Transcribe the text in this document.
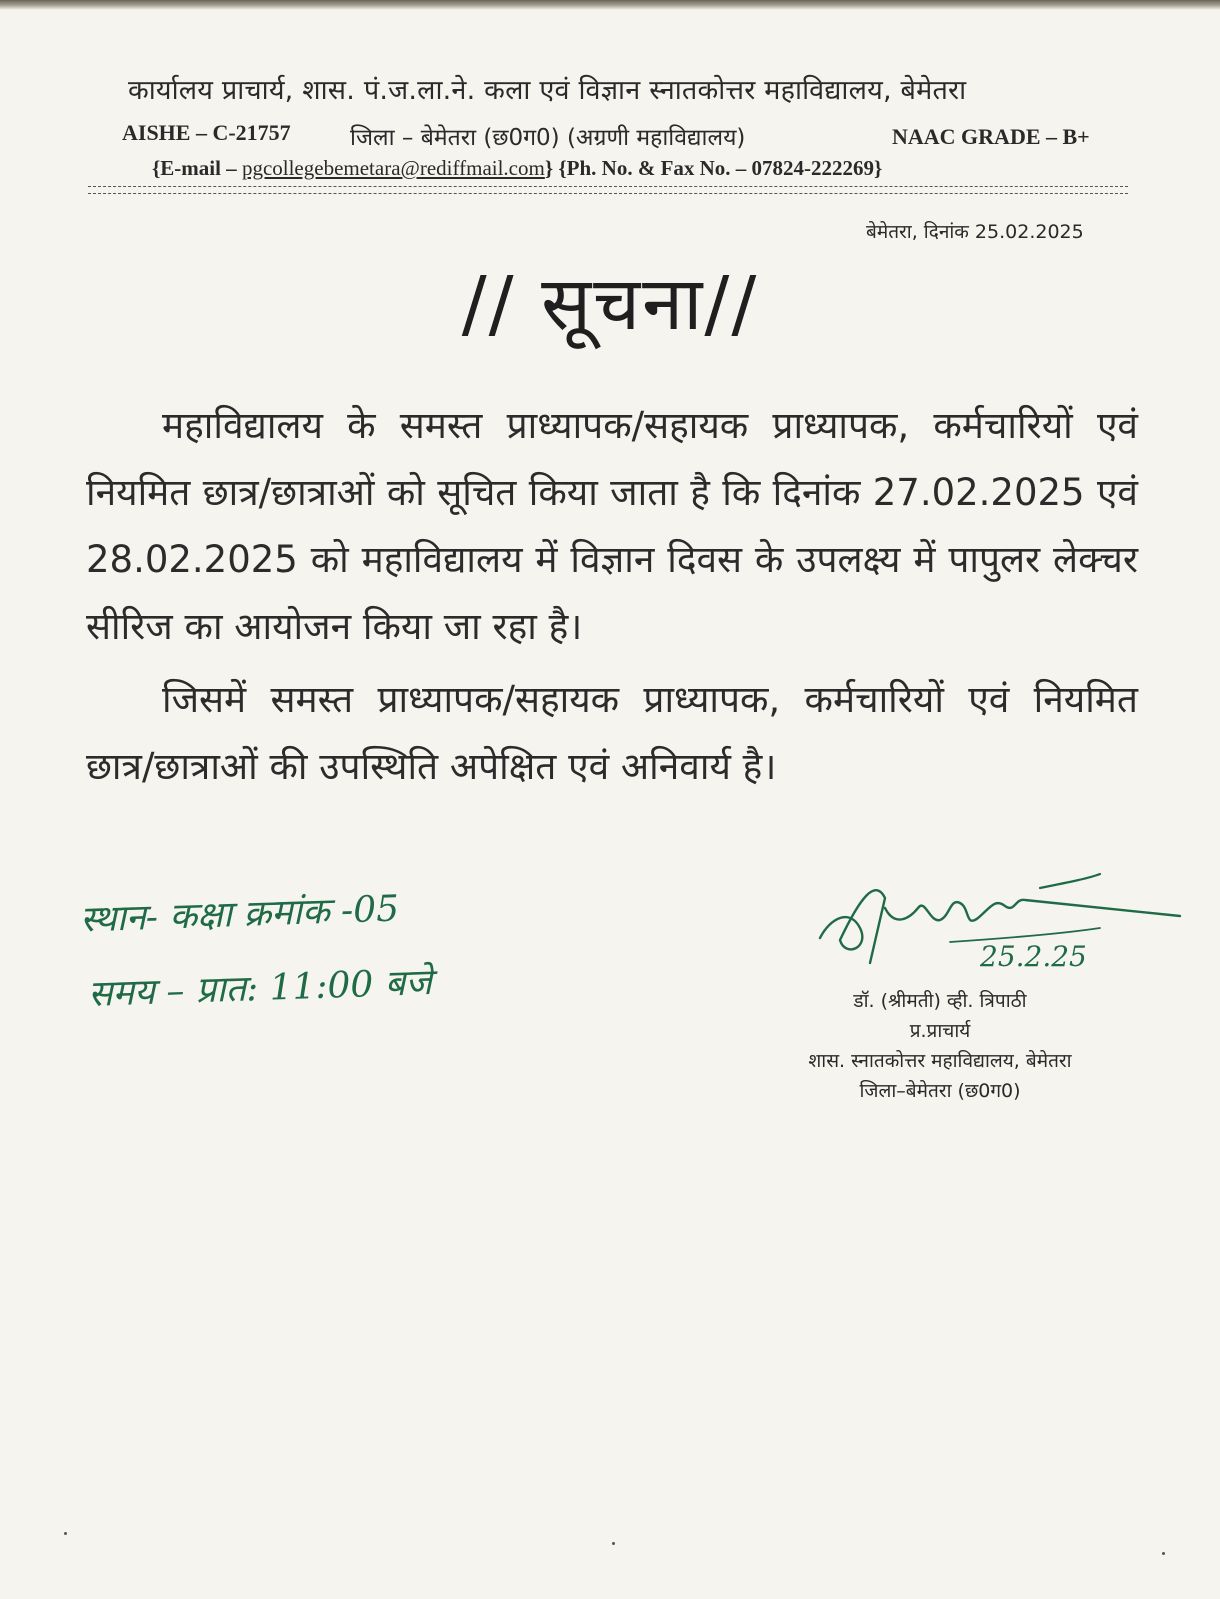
कार्यालय प्राचार्य, शास. पं.ज.ला.ने. कला एवं विज्ञान स्नातकोत्तर महाविद्यालय, बेमेतरा
AISHE – C-21757	जिला – बेमेतरा (छ0ग0) (अग्रणी महाविद्यालय)	NAAC GRADE – B+
{E-mail – pgcollegebemetara@rediffmail.com} {Ph. No. & Fax No. – 07824-222269}
बेमेतरा, दिनांक 25.02.2025
// सूचना//

महाविद्यालय के समस्त प्राध्यापक/सहायक प्राध्यापक, कर्मचारियों एवं नियमित छात्र/छात्राओं को सूचित किया जाता है कि दिनांक 27.02.2025 एवं 28.02.2025 को महाविद्यालय में विज्ञान दिवस के उपलक्ष्य में पापुलर लेक्चर सीरिज का आयोजन किया जा रहा है।

जिसमें समस्त प्राध्यापक/सहायक प्राध्यापक, कर्मचारियों एवं नियमित छात्र/छात्राओं की उपस्थिति अपेक्षित एवं अनिवार्य है।

स्थान- कक्षा क्रमांक -05
समय – प्रात: 11:00 बजे
25.2.25
डॉ. (श्रीमती) व्ही. त्रिपाठी
प्र.प्राचार्य
शास. स्नातकोत्तर महाविद्यालय, बेमेतरा
जिला–बेमेतरा (छ0ग0)
